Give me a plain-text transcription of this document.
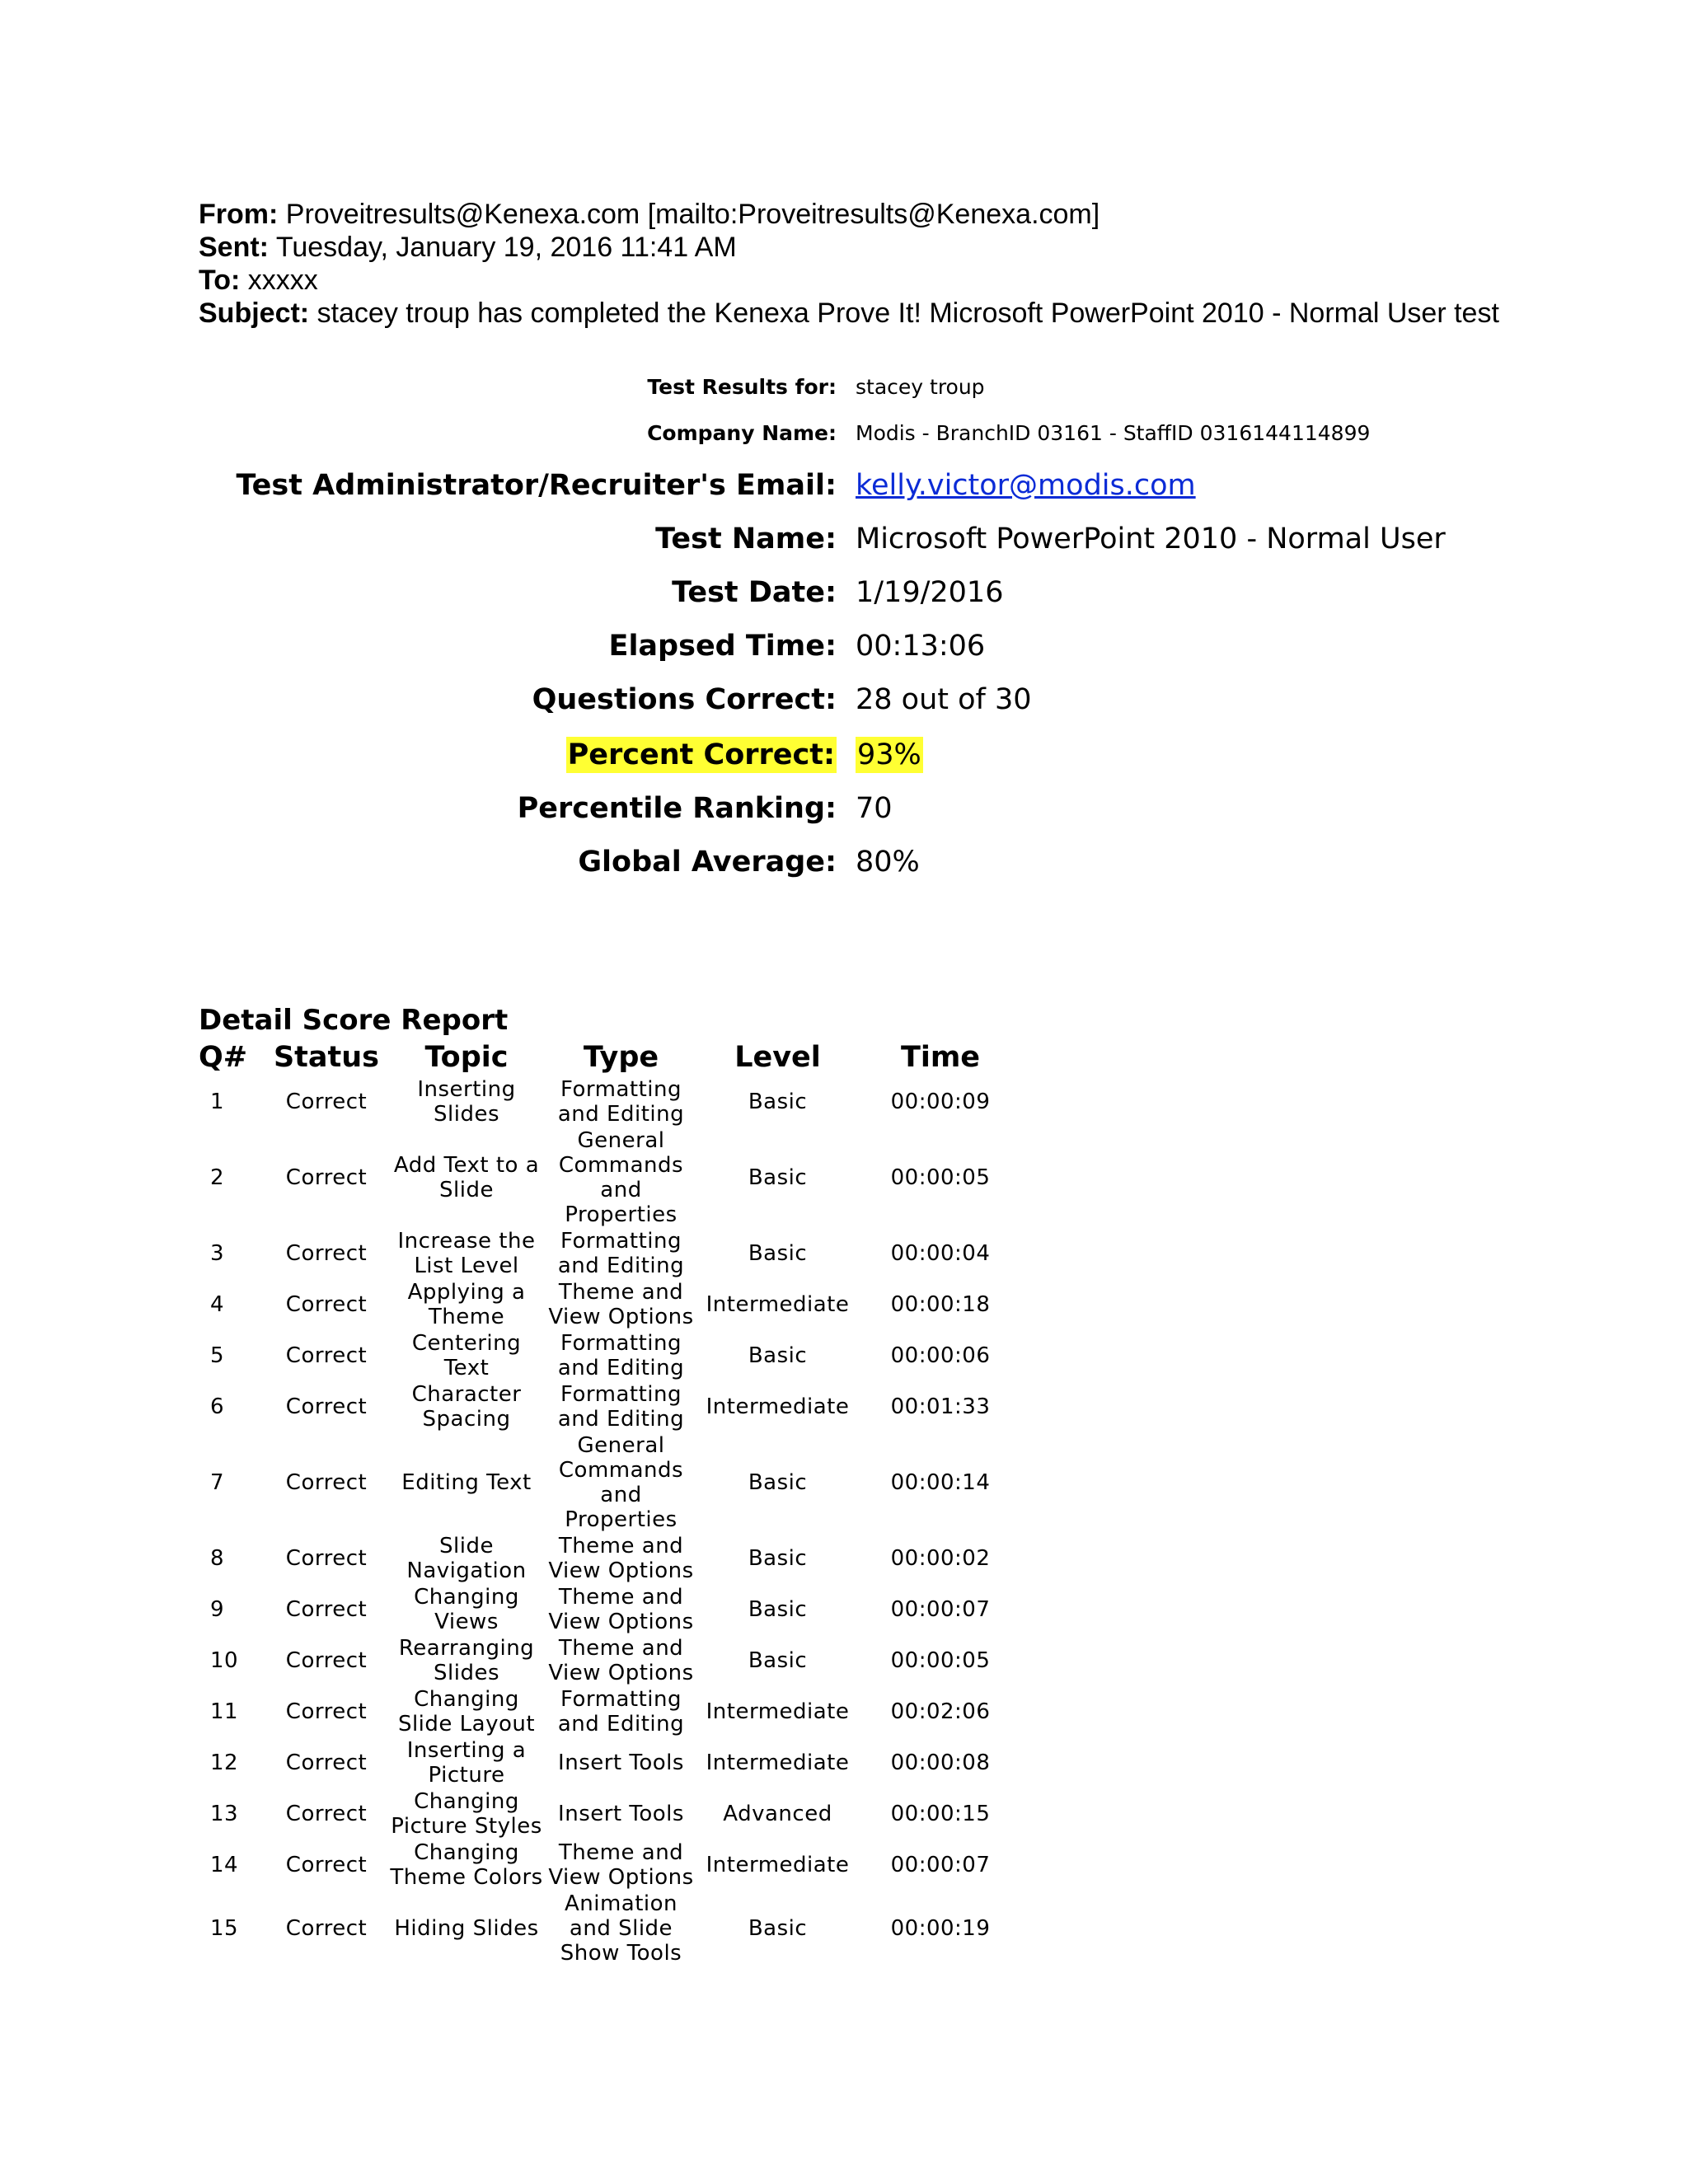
From: Proveitresults@Kenexa.com [mailto:Proveitresults@Kenexa.com]
Sent: Tuesday, January 19, 2016 11:41 AM
To: xxxxx
Subject: stacey troup has completed the Kenexa Prove It! Microsoft PowerPoint 2010 - Normal User test
Test Results for: stacey troup
Company Name: Modis - BranchID 03161 - StaffID 0316144114899
Test Administrator/Recruiter's Email: kelly.victor@modis.com
Test Name: Microsoft PowerPoint 2010 - Normal User
Test Date: 1/19/2016
Elapsed Time: 00:13:06
Questions Correct: 28 out of 30
Percent Correct: 93%
Percentile Ranking: 70
Global Average: 80%
Detail Score Report
Q#	Status	Topic	Type	Level	Time
1	Correct	Inserting Slides	Formatting and Editing	Basic	00:00:09
2	Correct	Add Text to a Slide	General Commands and Properties	Basic	00:00:05
3	Correct	Increase the List Level	Formatting and Editing	Basic	00:00:04
4	Correct	Applying a Theme	Theme and View Options	Intermediate	00:00:18
5	Correct	Centering Text	Formatting and Editing	Basic	00:00:06
6	Correct	Character Spacing	Formatting and Editing	Intermediate	00:01:33
7	Correct	Editing Text	General Commands and Properties	Basic	00:00:14
8	Correct	Slide Navigation	Theme and View Options	Basic	00:00:02
9	Correct	Changing Views	Theme and View Options	Basic	00:00:07
10	Correct	Rearranging Slides	Theme and View Options	Basic	00:00:05
11	Correct	Changing Slide Layout	Formatting and Editing	Intermediate	00:02:06
12	Correct	Inserting a Picture	Insert Tools	Intermediate	00:00:08
13	Correct	Changing Picture Styles	Insert Tools	Advanced	00:00:15
14	Correct	Changing Theme Colors	Theme and View Options	Intermediate	00:00:07
15	Correct	Hiding Slides	Animation and Slide Show Tools	Basic	00:00:19
